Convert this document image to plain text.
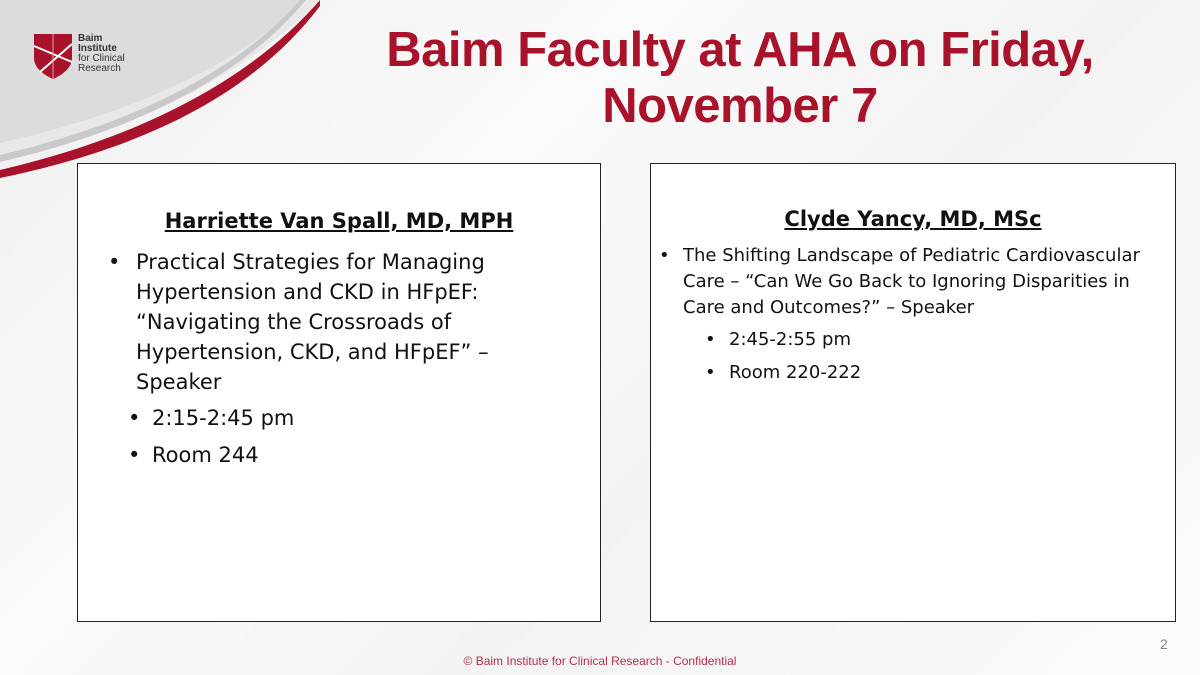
Baim
Institute
for Clinical
Research	Baim Faculty at AHA on Friday,
November 7
Harriette Van Spall, MD, MPH
• Practical Strategies for Managing Hypertension and CKD in HFpEF: “Navigating the Crossroads of Hypertension, CKD, and HFpEF” – Speaker
• 2:15-2:45 pm
• Room 244
Clyde Yancy, MD, MSc
• The Shifting Landscape of Pediatric Cardiovascular Care – “Can We Go Back to Ignoring Disparities in Care and Outcomes?” – Speaker
• 2:45-2:55 pm
• Room 220-222
2
© Baim Institute for Clinical Research - Confidential
